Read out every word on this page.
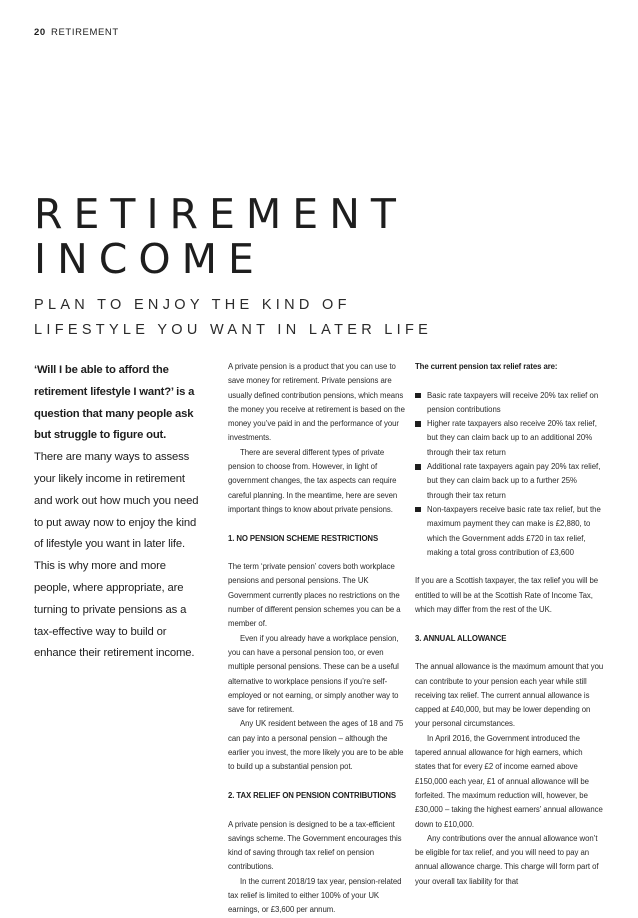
20 RETIREMENT
RETIREMENT
INCOME
PLAN TO ENJOY THE KIND OF
LIFESTYLE YOU WANT IN LATER LIFE

‘Will I be able to afford the retirement lifestyle I want?’ is a question that many people ask but struggle to figure out.

There are many ways to assess your likely income in retirement and work out how much you need to put away now to enjoy the kind of lifestyle you want in later life. This is why more and more people, where appropriate, are turning to private pensions as a tax-effective way to build or enhance their retirement income.

A private pension is a product that you can use to save money for retirement. Private pensions are usually defined contribution pensions, which means the money you receive at retirement is based on the money you’ve paid in and the performance of your investments.

There are several different types of private pension to choose from. However, in light of government changes, the tax aspects can require careful planning. In the meantime, here are seven important things to know about private pensions.

1. NO PENSION SCHEME RESTRICTIONS

The term ‘private pension’ covers both workplace pensions and personal pensions. The UK Government currently places no restrictions on the number of different pension schemes you can be a member of.

Even if you already have a workplace pension, you can have a personal pension too, or even multiple personal pensions. These can be a useful alternative to workplace pensions if you’re self-employed or not earning, or simply another way to save for retirement.

Any UK resident between the ages of 18 and 75 can pay into a personal pension – although the earlier you invest, the more likely you are to be able to build up a substantial pension pot.

2. TAX RELIEF ON PENSION CONTRIBUTIONS

A private pension is designed to be a tax-efficient savings scheme. The Government encourages this kind of saving through tax relief on pension contributions.

In the current 2018/19 tax year, pension-related tax relief is limited to either 100% of your UK earnings, or £3,600 per annum.

The current pension tax relief rates are:

Basic rate taxpayers will receive 20% tax relief on pension contributions
Higher rate taxpayers also receive 20% tax relief, but they can claim back up to an additional 20% through their tax return
Additional rate taxpayers again pay 20% tax relief, but they can claim back up to a further 25% through their tax return
Non-taxpayers receive basic rate tax relief, but the maximum payment they can make is £2,880, to which the Government adds £720 in tax relief, making a total gross contribution of £3,600

If you are a Scottish taxpayer, the tax relief you will be entitled to will be at the Scottish Rate of Income Tax, which may differ from the rest of the UK.

3. ANNUAL ALLOWANCE

The annual allowance is the maximum amount that you can contribute to your pension each year while still receiving tax relief. The current annual allowance is capped at £40,000, but may be lower depending on your personal circumstances.

In April 2016, the Government introduced the tapered annual allowance for high earners, which states that for every £2 of income earned above £150,000 each year, £1 of annual allowance will be forfeited. The maximum reduction will, however, be £30,000 – taking the highest earners’ annual allowance down to £10,000.

Any contributions over the annual allowance won’t be eligible for tax relief, and you will need to pay an annual allowance charge. This charge will form part of your overall tax liability for that
